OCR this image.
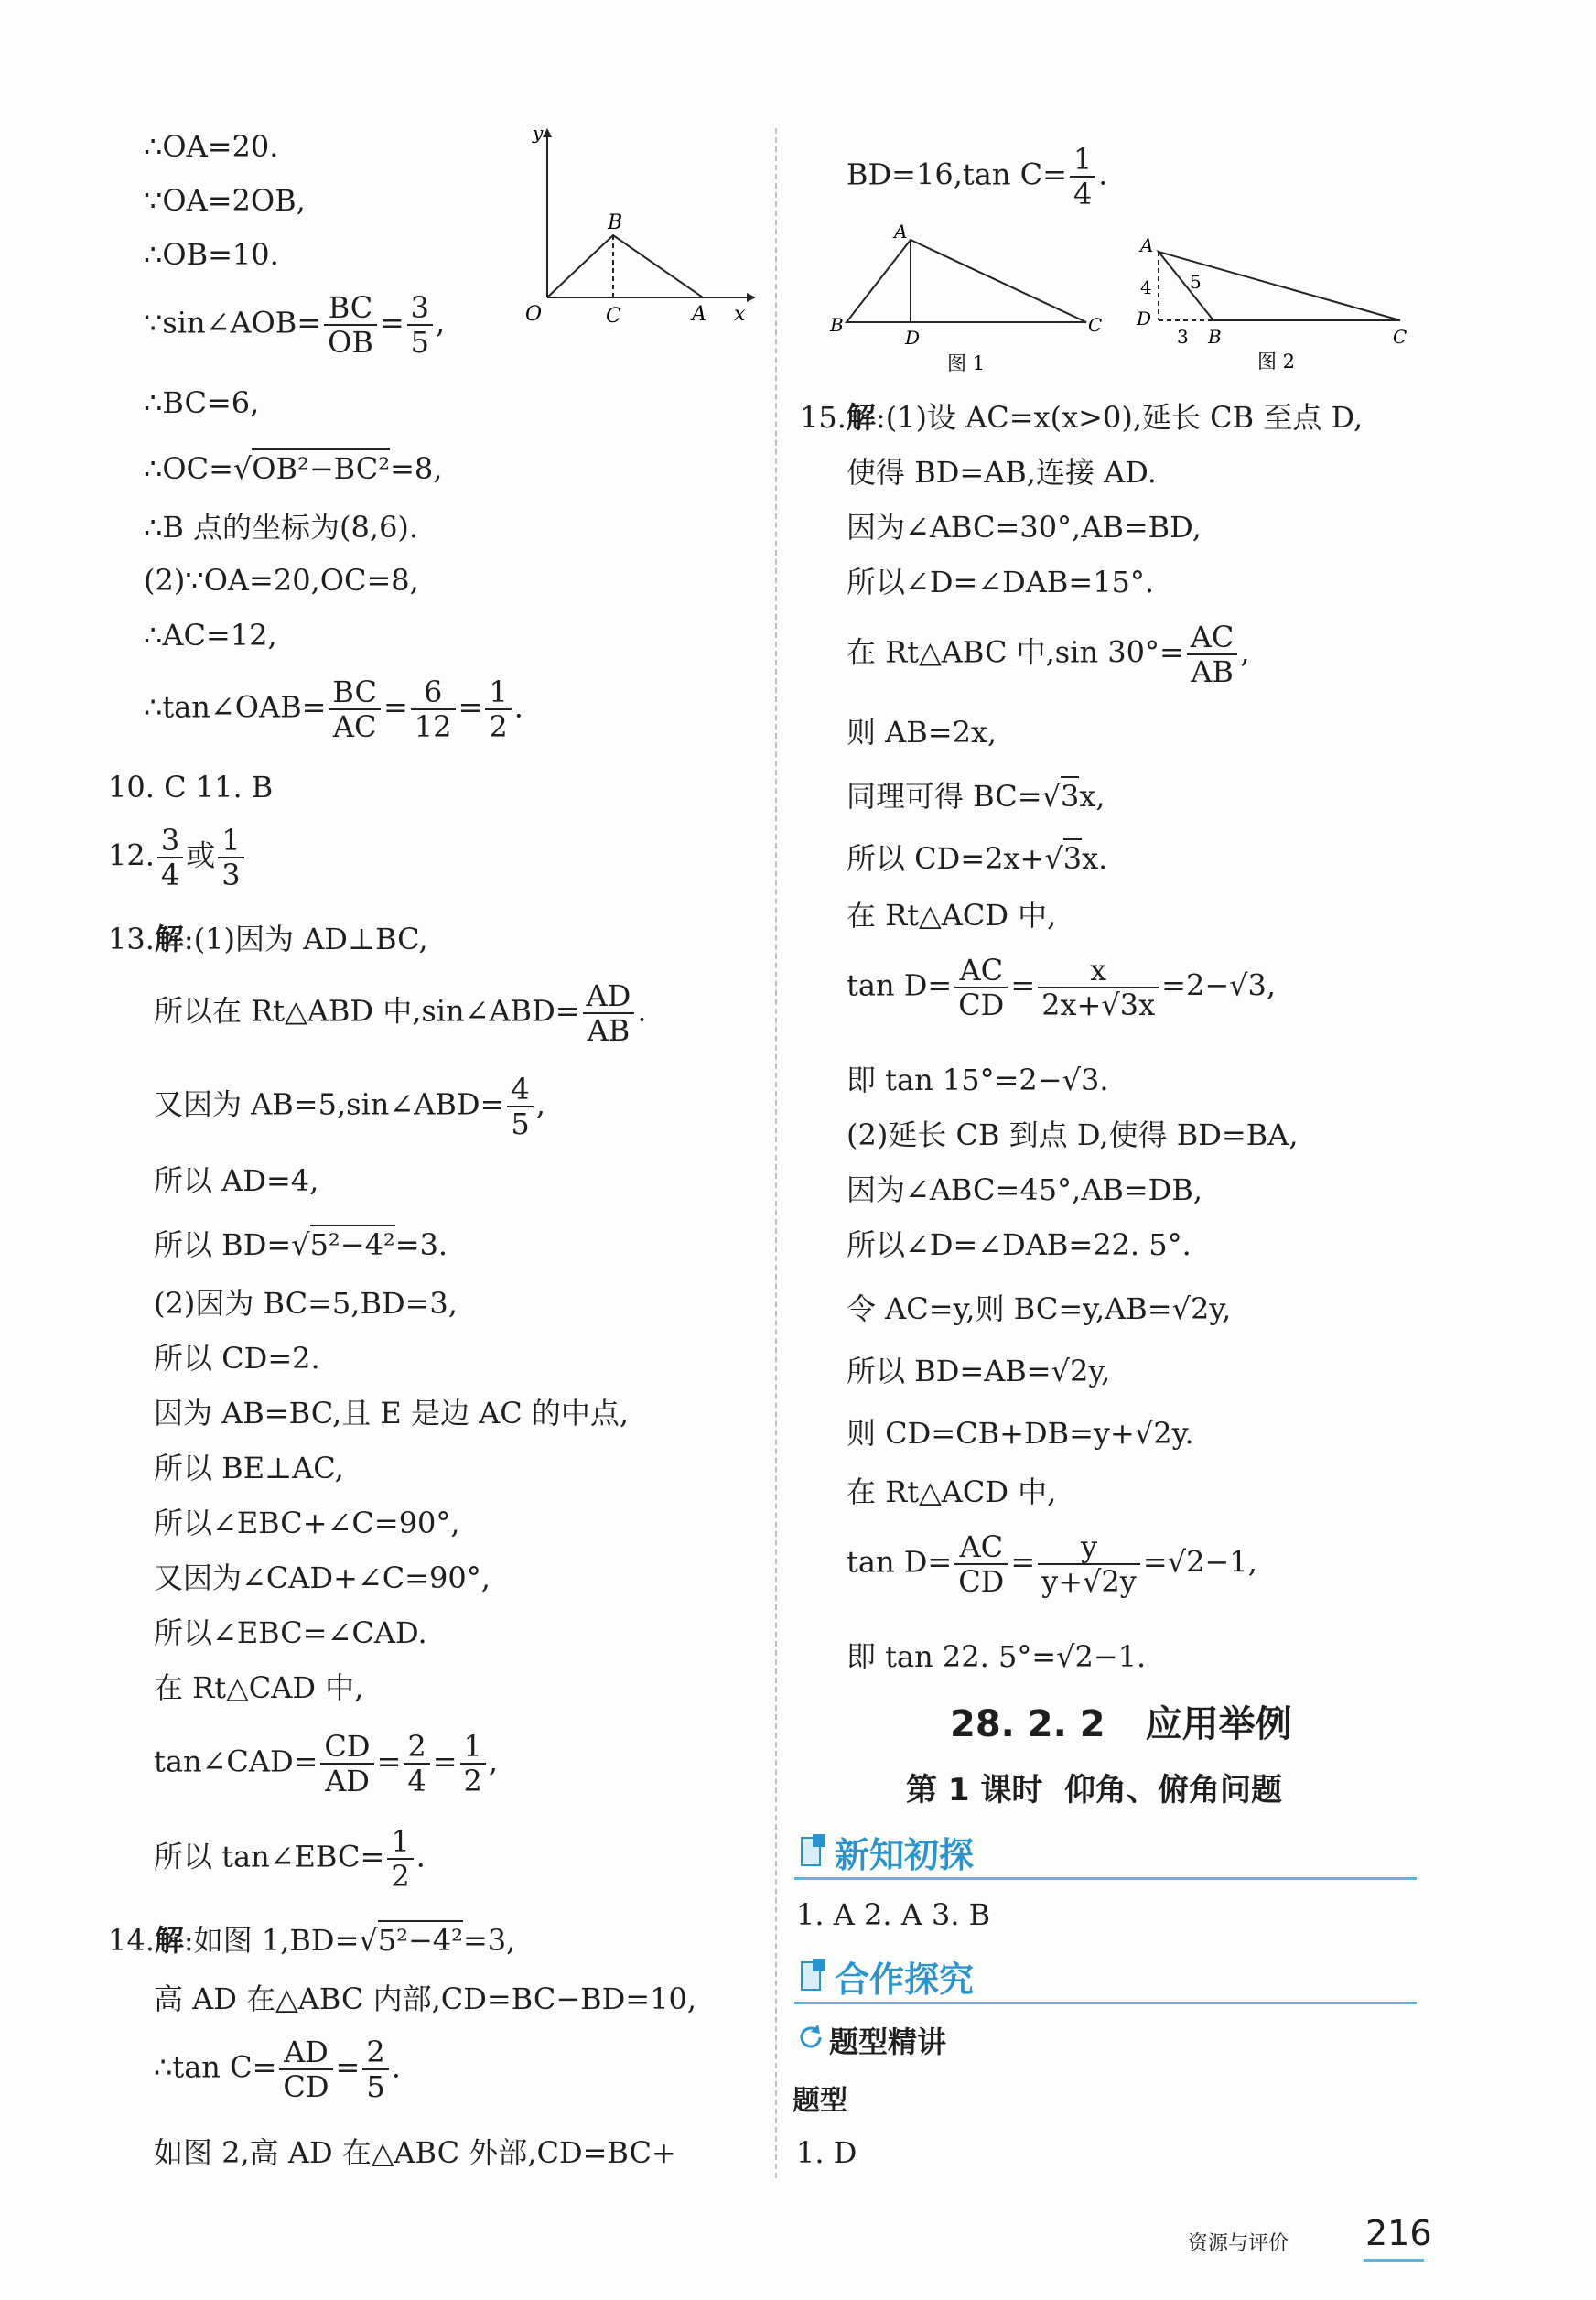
∴OA=20.
∵OA=2OB,
∴OB=10.
∵sin∠AOB= $\frac{BC}{OB} = \frac{3}{5}$ ,
∴BC=6,
∴OC=√OB²−BC²=8,
∴B 点的坐标为(8,6).
(2)∵OA=20,OC=8,
∴AC=12,
∴tan∠OAB= $\frac{BC}{AC} = \frac{6}{12} = \frac{1}{2}$ .
10. C 11. B
12. $\frac{3}{4}$ 或 $\frac{1}{3}$
13.解:(1)因为 AD⊥BC,
所以在 Rt△ABD 中,sin∠ABD= $\frac{AD}{AB}$ .
又因为 AB=5,sin∠ABD= $\frac{4}{5}$ ,
所以 AD=4,
所以 BD=√5²−4²=3.
(2)因为 BC=5,BD=3,
所以 CD=2.
因为 AB=BC,且 E 是边 AC 的中点,
所以 BE⊥AC,
所以∠EBC+∠C=90°,
又因为∠CAD+∠C=90°,
所以∠EBC=∠CAD.
在 Rt△CAD 中,
tan∠CAD= $\frac{CD}{AD} = \frac{2}{4} = \frac{1}{2}$ ,
所以 tan∠EBC= $\frac{1}{2}$ .
14.解:如图 1,BD=√5²−4²=3,
高 AD 在△ABC 内部,CD=BC−BD=10,
∴tan $C= \frac{AD}{CD} = \frac{2}{5}$ .
如图 2,高 AD 在△ABC 外部,CD=BC+
y
B
O	C	A x
BD=16,tan $C= \frac{1}{4}$ .
A
B
D
C
图 1
A
4 5
D
3 B	C
图 2
15.解:(1)设 AC=x(x>0),延长 CB 至点 D,
使得 BD=AB,连接 AD.
因为∠ABC=30°,AB=BD,
所以∠D=∠DAB=15°.
在 Rt△ABC 中,sin $30^\circ= \frac{AC}{AB}$ ,
则 AB=2x,
同理可得 BC=√3x,
所以 CD=2x+√3x.
在 Rt△ACD 中,
$\tan D= \frac{AC}{CD} = \frac{x}{2x+√3x} =2-√3$,
即 tan 15°=2−√3.
(2)延长 CB 到点 D,使得 BD=BA,
因为∠ABC=45°,AB=DB,
所以∠D=∠DAB=22. 5°.
令 AC=y,则 BC=y,AB=√2y,
所以 BD=AB=√2y,
则 CD=CB+DB=y+√2y.
在 Rt△ACD 中,
$\tan D= \frac{AC}{CD} = \frac{y}{y+√2y} =√2-1$,
即 tan 22. 5°=√2−1.
28. 2. 2 应用举例
第 1 课时  仰角、俯角问题
新知初探
1. A 2. A 3. B
合作探究
题型精讲
题型
1. D
资源与评价 216
